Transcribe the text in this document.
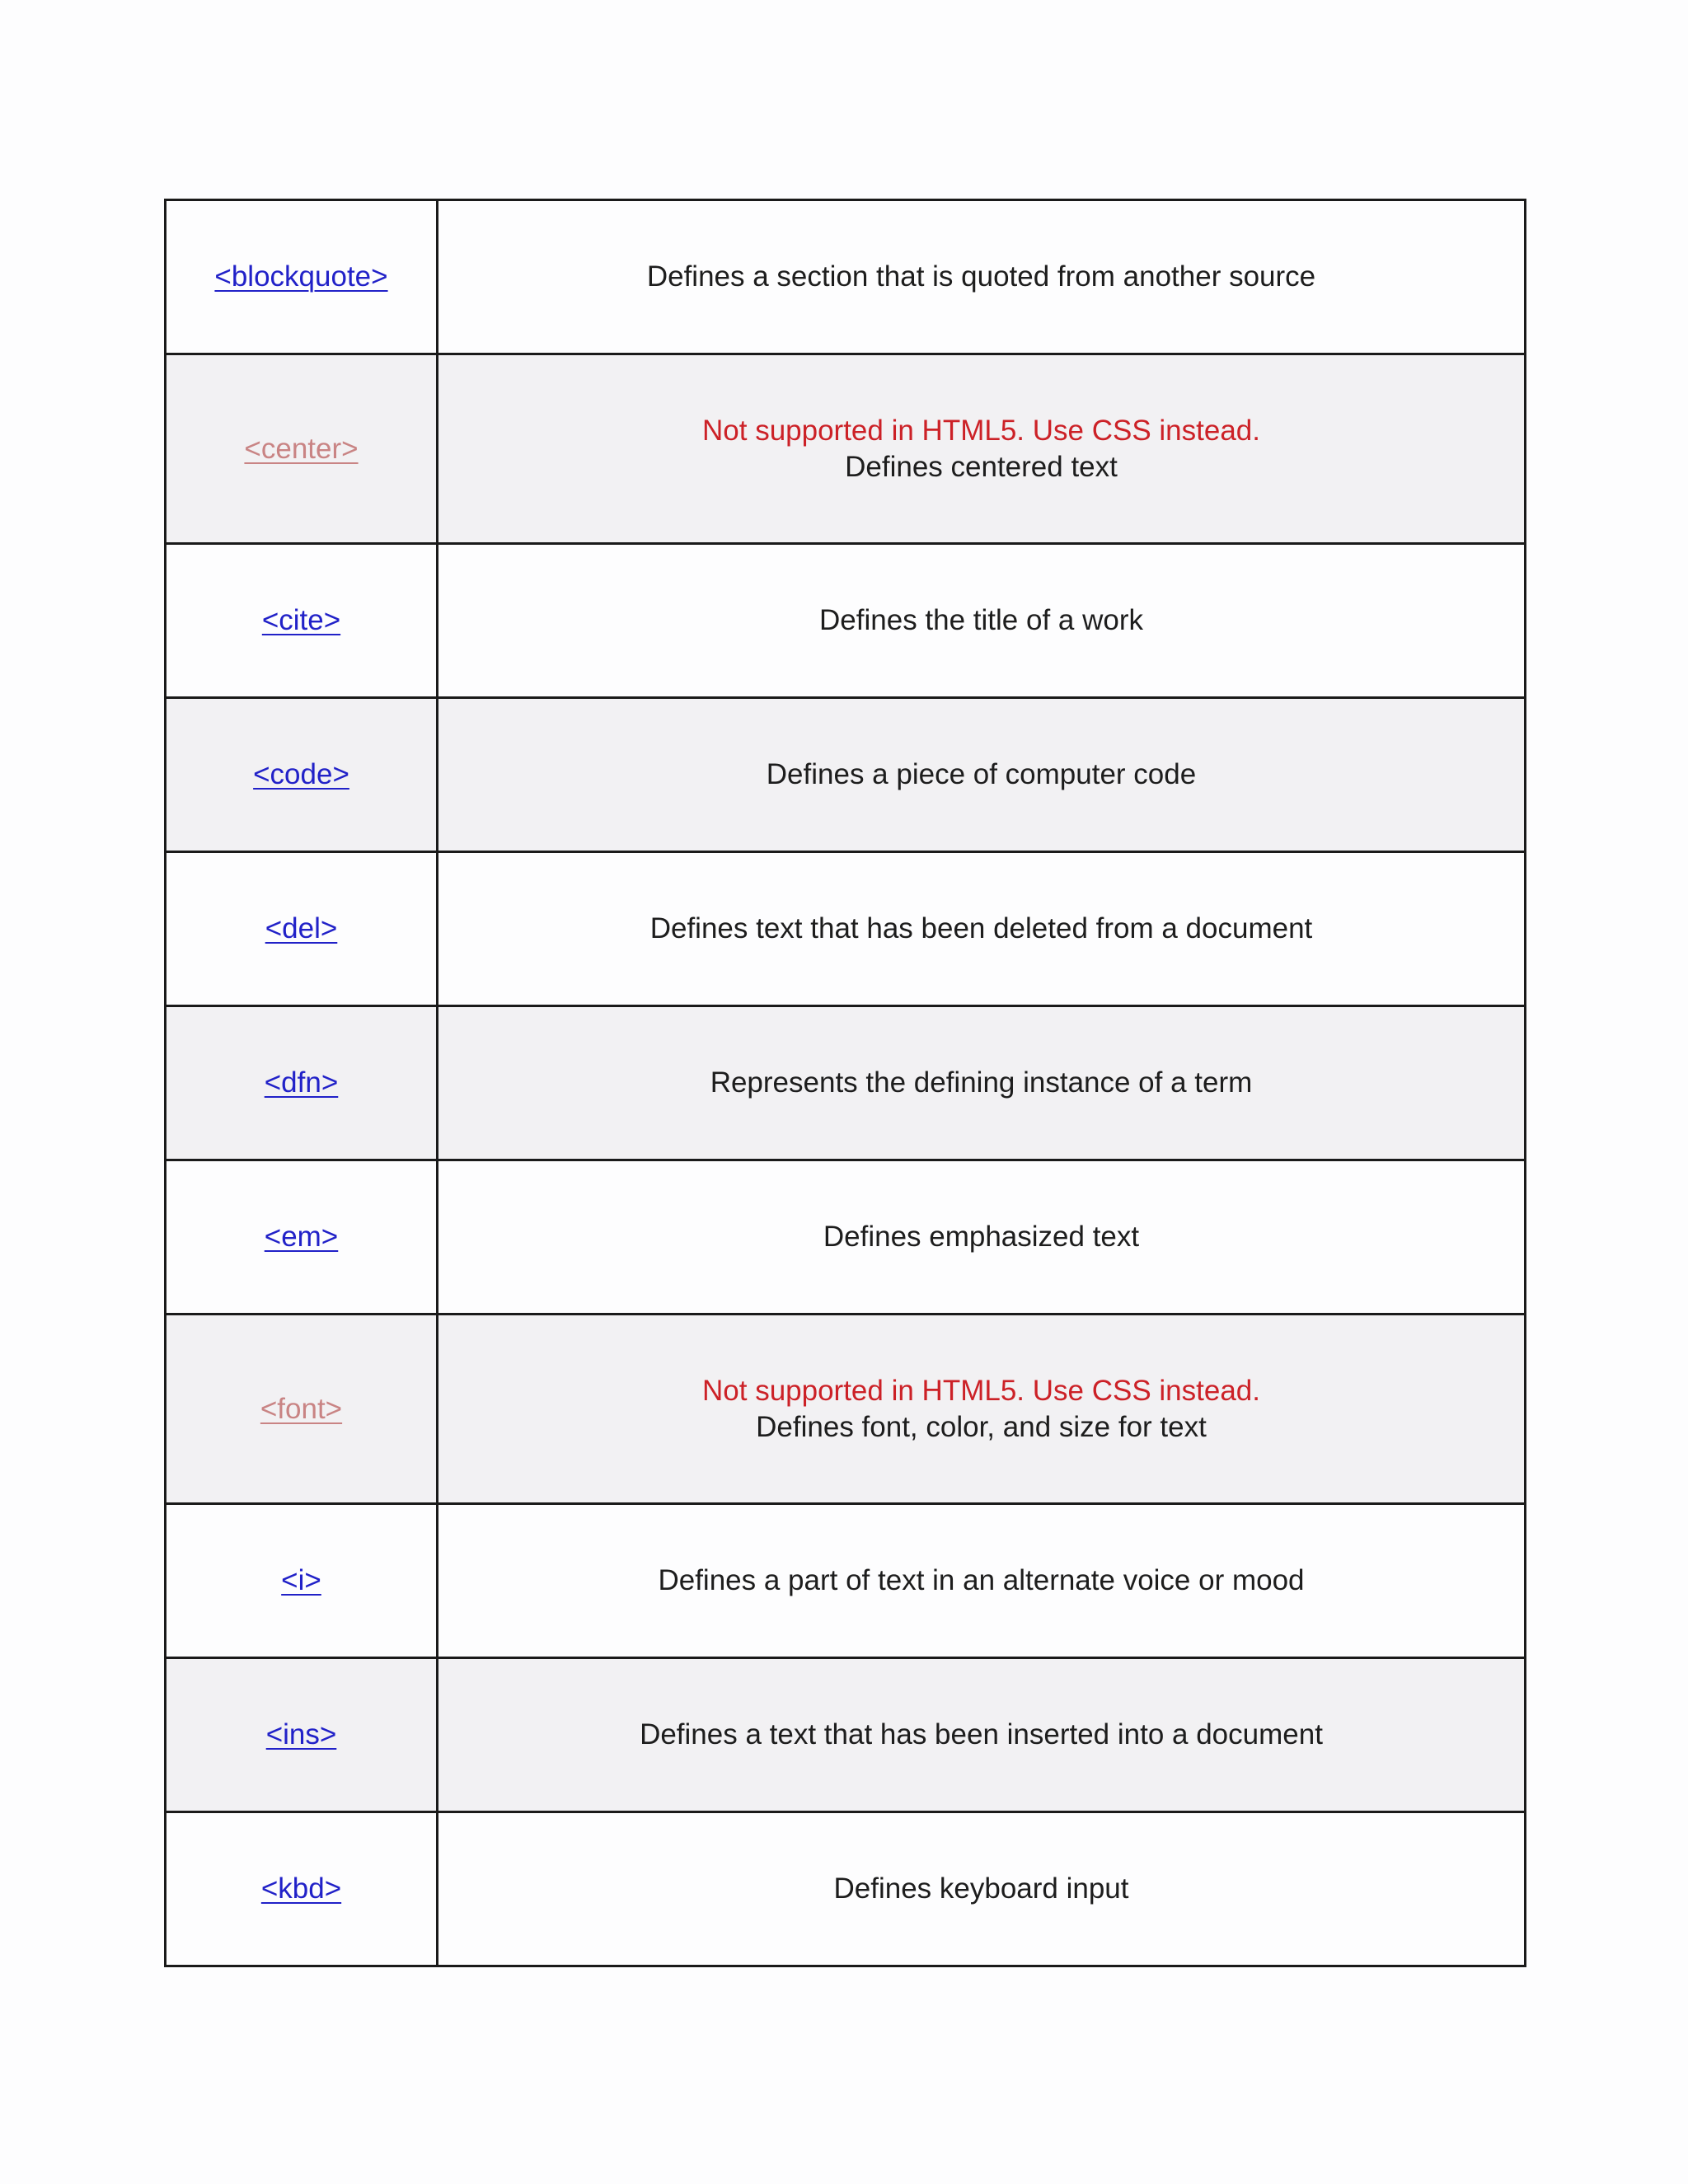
<blockquote>	Defines a section that is quoted from another source

<center>	Not supported in HTML5. Use CSS instead.
Defines centered text

<cite>	Defines the title of a work

<code>	Defines a piece of computer code

<del>	Defines text that has been deleted from a document

<dfn>	Represents the defining instance of a term

<em>	Defines emphasized text

<font>	Not supported in HTML5. Use CSS instead.
Defines font, color, and size for text

<i>	Defines a part of text in an alternate voice or mood

<ins>	Defines a text that has been inserted into a document

<kbd>	Defines keyboard input
